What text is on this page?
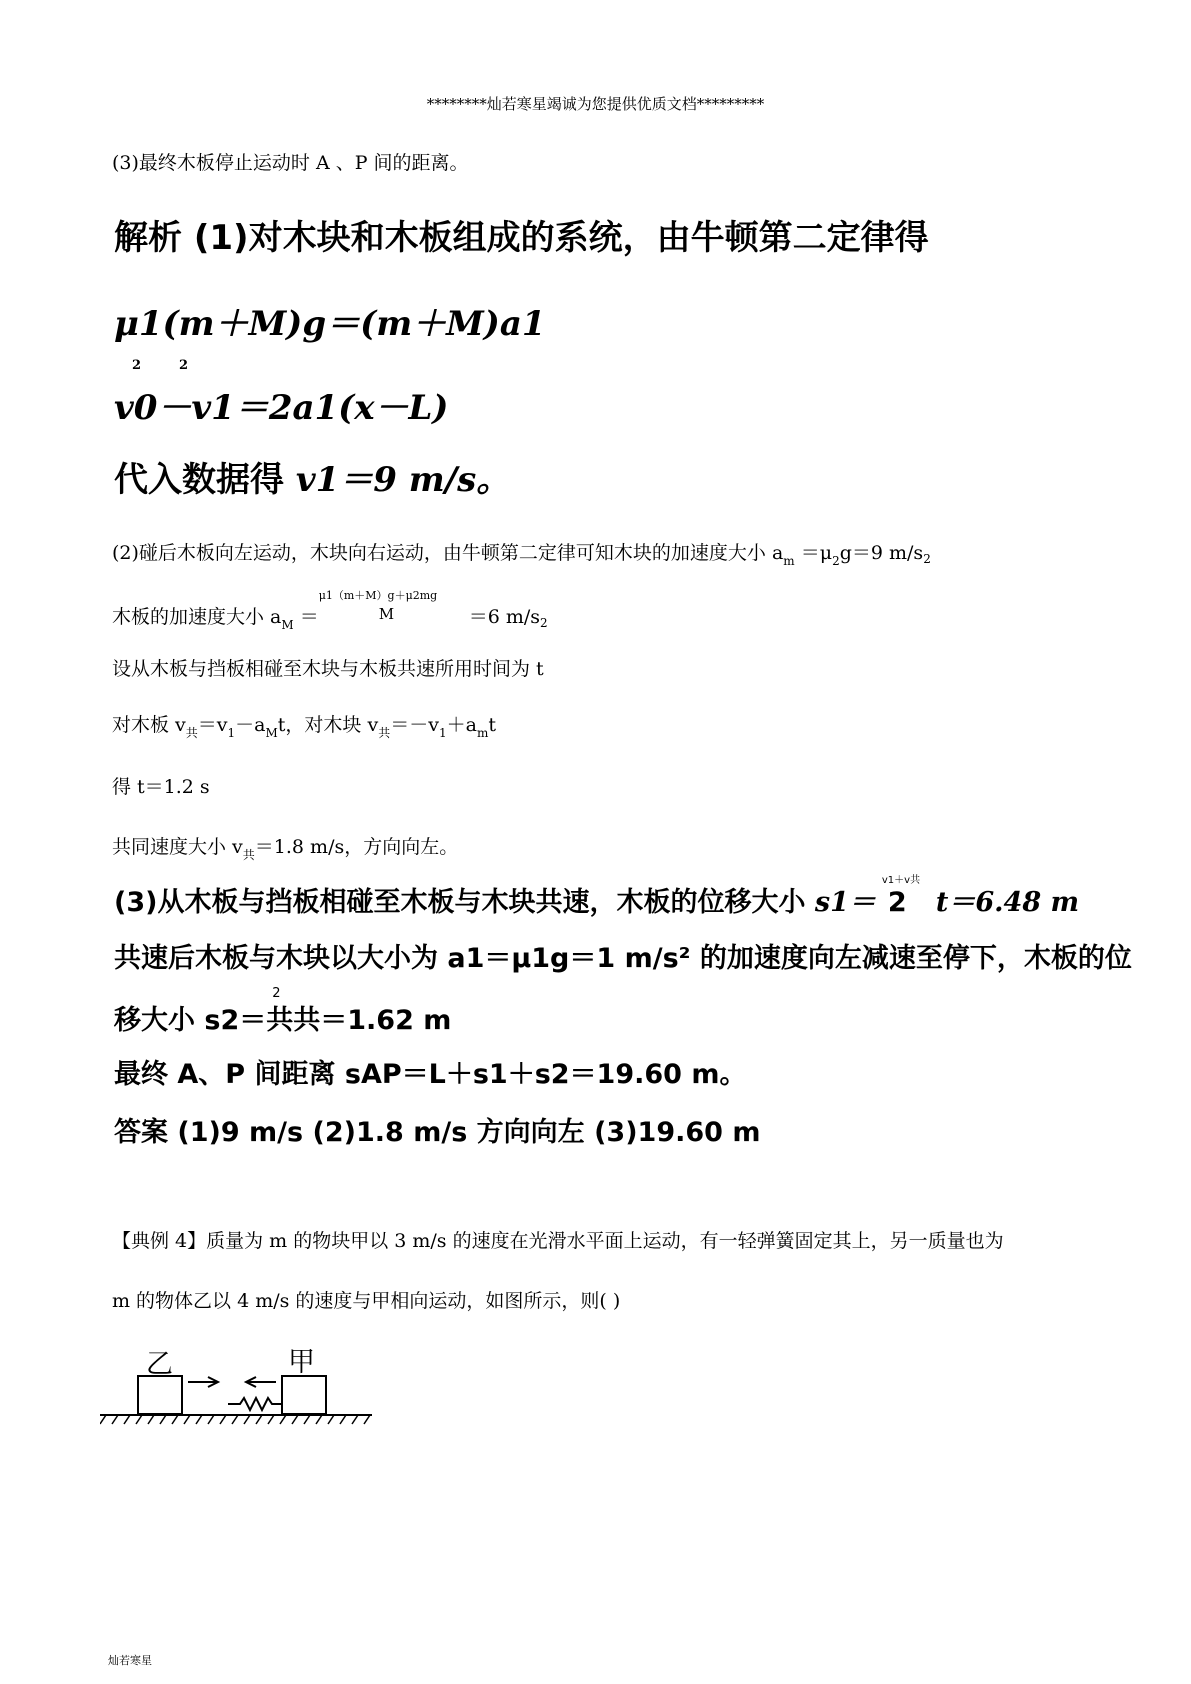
********灿若寒星竭诚为您提供优质文档*********
(3)最终木板停止运动时 A 、P 间的距离。
解析 (1)对木块和木板组成的系统，由牛顿第二定律得
μ1(m＋M)g＝(m＋M)a1
2	2
v0－v1＝2a1(x－L)
代入数据得 v1＝9 m/s。
(2)碰后木板向左运动，木块向右运动，由牛顿第二定律可知木块的加速度大小 $a_m =\mu_2g=9$ $m/s_2$
木板的加速度大小 $a_M$ ＝
μ1（m＋M）g＋μ2mg
M	＝6 $m/s_2$
设从木板与挡板相碰至木块与木板共速所用时间为 t
对木板 $v_共=v_1-a_Mt$，对木块 $v_共=-v_1+a_mt$
得 t＝1.2 s
共同速度大小 $v_共=1.8$ m/s，方向向左。
(3)从木板与挡板相碰至木板与木块共速，木板的位移大小 s1＝
v1＋v共
2 t＝6.48 m
共速后木板与木块以大小为 a1＝μ1g＝1 m/s² 的加速度向左减速至停下，木板的位
移大小 s2＝
2
共共＝1.62 m
最终 A、P 间距离 sAP＝L＋s1＋s2＝19.60 m。
答案 (1)9 m/s (2)1.8 m/s 方向向左 (3)19.60 m
【典例 4】质量为 m 的物块甲以 3 m/s 的速度在光滑水平面上运动，有一轻弹簧固定其上，另一质量也为
m 的物体乙以 4 m/s 的速度与甲相向运动，如图所示，则( )
乙	甲
灿若寒星
